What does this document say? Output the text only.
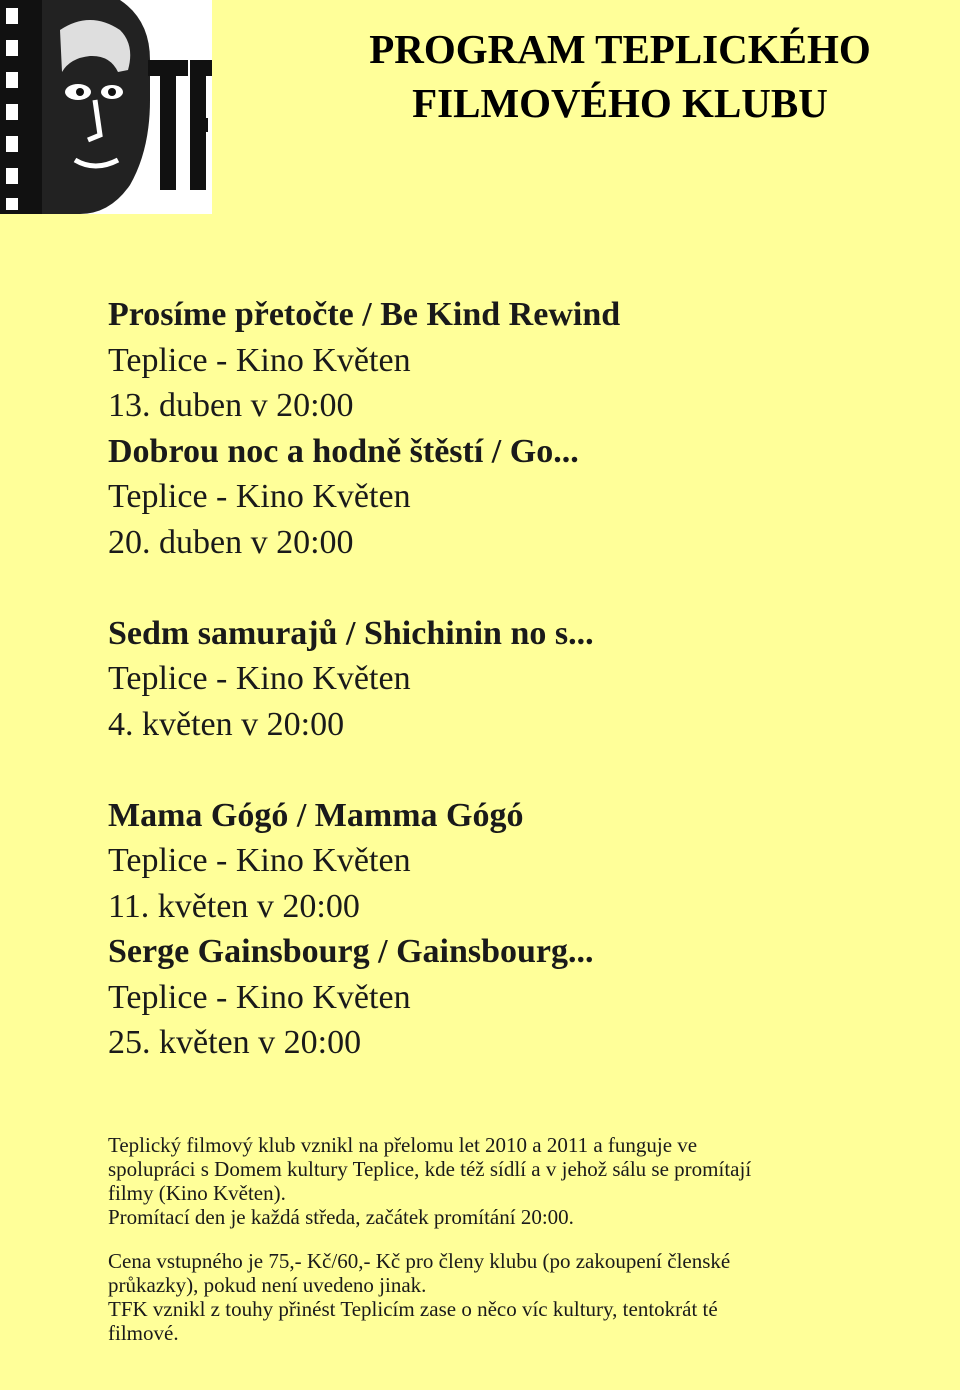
PROGRAM TEPLICKÉHO
FILMOVÉHO KLUBU
Prosíme přetočte / Be Kind Rewind
Teplice - Kino Květen
13. duben v 20:00
Dobrou noc a hodně štěstí / Go...
Teplice - Kino Květen
20. duben v 20:00
Sedm samurajů / Shichinin no s...
Teplice - Kino Květen
4. květen v 20:00
Mama Gógó / Mamma Gógó
Teplice - Kino Květen
11. květen v 20:00
Serge Gainsbourg / Gainsbourg...
Teplice - Kino Květen
25. květen v 20:00

Teplický filmový klub vznikl na přelomu let 2010 a 2011 a funguje ve

spolupráci s Domem kultury Teplice, kde též sídlí a v jehož sálu se promítají

filmy (Kino Květen).

Promítací den je každá středa, začátek promítání 20:00.

Cena vstupného je 75,- Kč/60,- Kč pro členy klubu (po zakoupení členské

průkazky), pokud není uvedeno jinak.

TFK vznikl z touhy přinést Teplicím zase o něco víc kultury, tentokrát té

filmové.
